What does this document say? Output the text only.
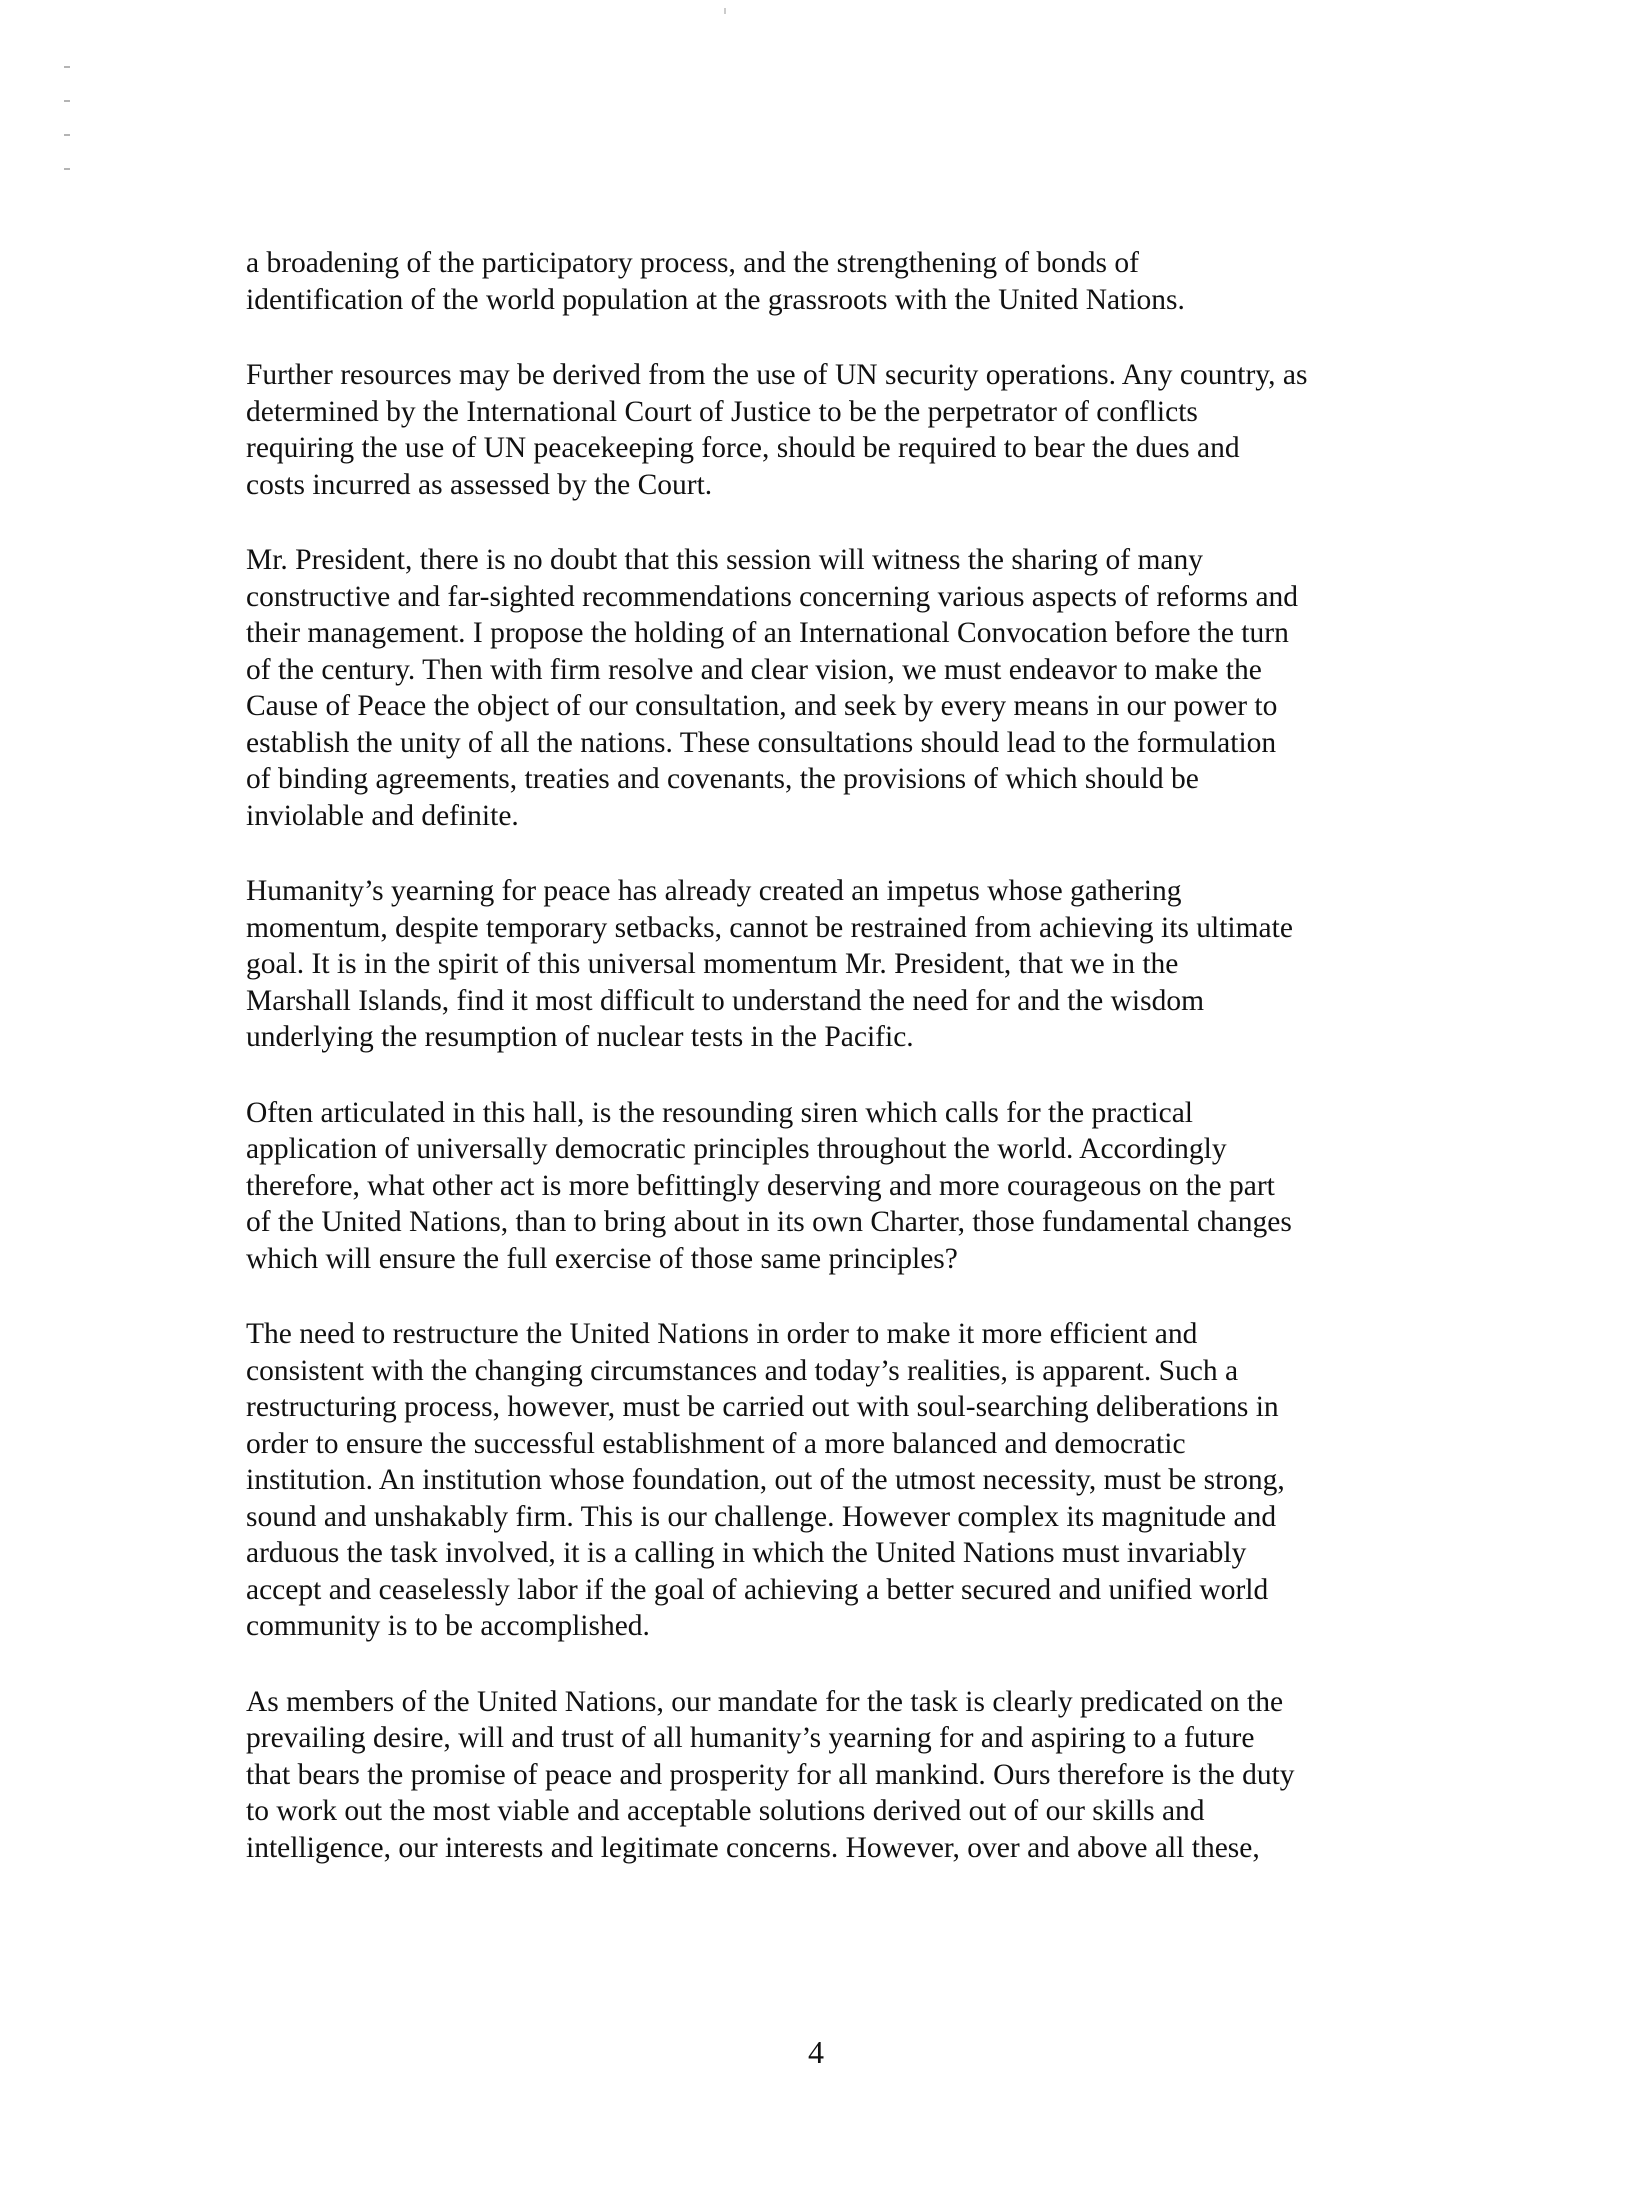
a broadening of the participatory process, and the strengthening of bonds of
identification of the world population at the grassroots with the United Nations.

Further resources may be derived from the use of UN security operations. Any country, as
determined by the International Court of Justice to be the perpetrator of conflicts
requiring the use of UN peacekeeping force, should be required to bear the dues and
costs incurred as assessed by the Court.

Mr. President, there is no doubt that this session will witness the sharing of many
constructive and far-sighted recommendations concerning various aspects of reforms and
their management. I propose the holding of an International Convocation before the turn
of the century. Then with firm resolve and clear vision, we must endeavor to make the
Cause of Peace the object of our consultation, and seek by every means in our power to
establish the unity of all the nations. These consultations should lead to the formulation
of binding agreements, treaties and covenants, the provisions of which should be
inviolable and definite.

Humanity’s yearning for peace has already created an impetus whose gathering
momentum, despite temporary setbacks, cannot be restrained from achieving its ultimate
goal. It is in the spirit of this universal momentum Mr. President, that we in the
Marshall Islands, find it most difficult to understand the need for and the wisdom
underlying the resumption of nuclear tests in the Pacific.

Often articulated in this hall, is the resounding siren which calls for the practical
application of universally democratic principles throughout the world. Accordingly
therefore, what other act is more befittingly deserving and more courageous on the part
of the United Nations, than to bring about in its own Charter, those fundamental changes
which will ensure the full exercise of those same principles?

The need to restructure the United Nations in order to make it more efficient and
consistent with the changing circumstances and today’s realities, is apparent. Such a
restructuring process, however, must be carried out with soul-searching deliberations in
order to ensure the successful establishment of a more balanced and democratic
institution. An institution whose foundation, out of the utmost necessity, must be strong,
sound and unshakably firm. This is our challenge. However complex its magnitude and
arduous the task involved, it is a calling in which the United Nations must invariably
accept and ceaselessly labor if the goal of achieving a better secured and unified world
community is to be accomplished.

As members of the United Nations, our mandate for the task is clearly predicated on the
prevailing desire, will and trust of all humanity’s yearning for and aspiring to a future
that bears the promise of peace and prosperity for all mankind. Ours therefore is the duty
to work out the most viable and acceptable solutions derived out of our skills and
intelligence, our interests and legitimate concerns. However, over and above all these,

4
